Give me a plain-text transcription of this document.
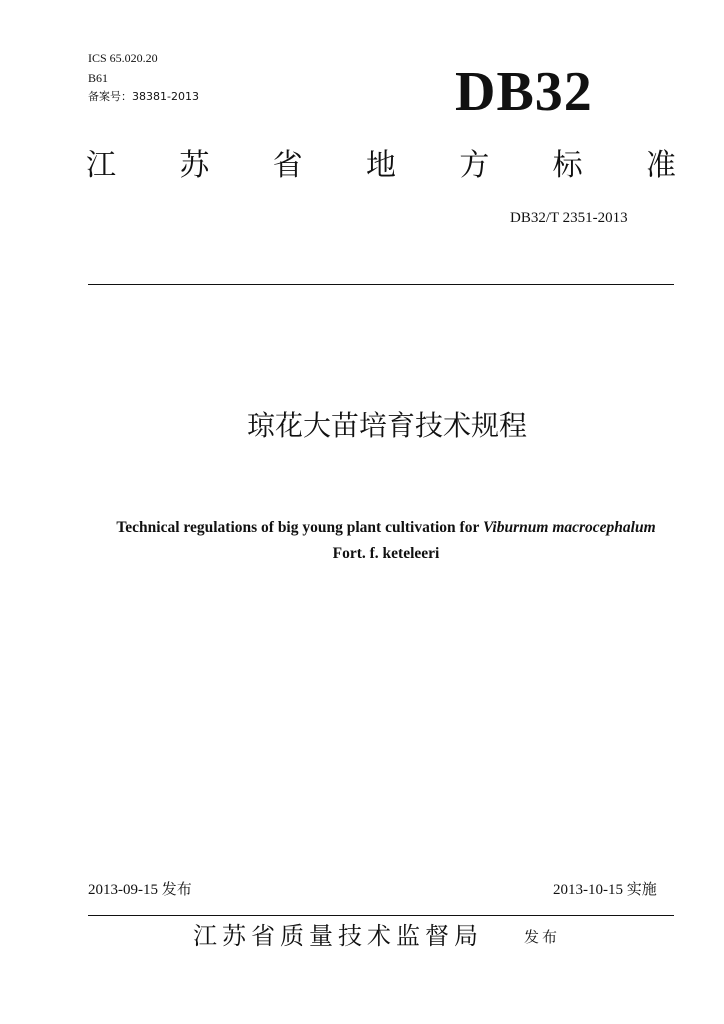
ICS 65.020.20
B61
备案号：38381-2013	DB32
江 苏 省 地 方 标 准
DB32/T 2351-2013
琼花大苗培育技术规程
Technical regulations of big young plant cultivation for Viburnum macrocephalum
Fort. f. keteleeri
2013-09-15 发布	2013-10-15 实施
江苏省质量技术监督局	发布
